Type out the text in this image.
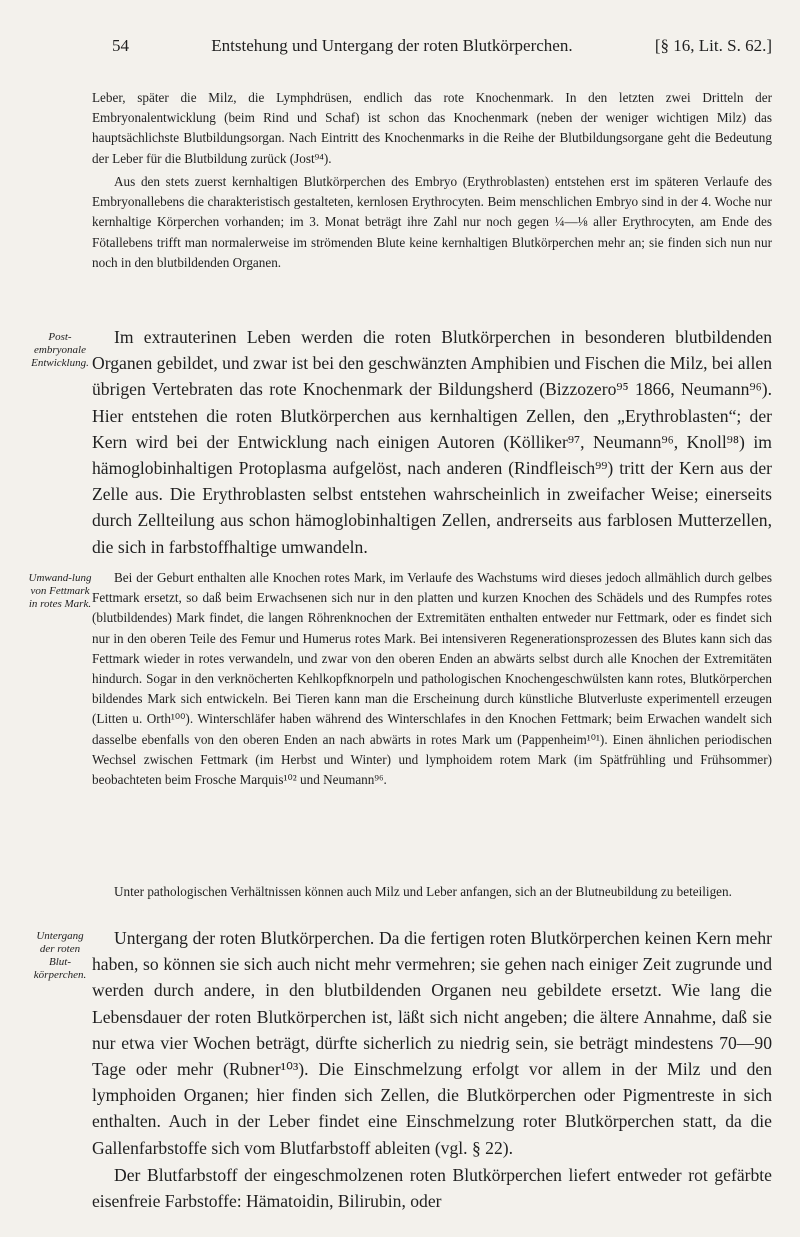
54	Entstehung und Untergang der roten Blutkörperchen.	[§ 16, Lit. S. 62.]

Leber, später die Milz, die Lymphdrüsen, endlich das rote Knochenmark. In den letzten zwei Dritteln der Embryonalentwicklung (beim Rind und Schaf) ist schon das Knochenmark (neben der weniger wichtigen Milz) das hauptsächlichste Blutbildungsorgan. Nach Eintritt des Knochenmarks in die Reihe der Blutbildungsorgane geht die Bedeutung der Leber für die Blutbildung zurück (Jost⁹⁴).

Aus den stets zuerst kernhaltigen Blutkörperchen des Embryo (Erythroblasten) entstehen erst im späteren Verlaufe des Embryonallebens die charakteristisch gestalteten, kernlosen Erythrocyten. Beim menschlichen Embryo sind in der 4. Woche nur kernhaltige Körperchen vorhanden; im 3. Monat beträgt ihre Zahl nur noch gegen ¼—⅛ aller Erythrocyten, am Ende des Fötallebens trifft man normalerweise im strömenden Blute keine kernhaltigen Blutkörperchen mehr an; sie finden sich nun nur noch in den blutbildenden Organen.

Post-embryonale Entwicklung.

Im extrauterinen Leben werden die roten Blutkörperchen in besonderen blutbildenden Organen gebildet, und zwar ist bei den geschwänzten Amphibien und Fischen die Milz, bei allen übrigen Vertebraten das rote Knochenmark der Bildungsherd (Bizzozero⁹⁵ 1866, Neumann⁹⁶). Hier entstehen die roten Blutkörperchen aus kernhaltigen Zellen, den „Erythroblasten“; der Kern wird bei der Entwicklung nach einigen Autoren (Kölliker⁹⁷, Neumann⁹⁶, Knoll⁹⁸) im hämoglobinhaltigen Protoplasma aufgelöst, nach anderen (Rindfleisch⁹⁹) tritt der Kern aus der Zelle aus. Die Erythroblasten selbst entstehen wahrscheinlich in zweifacher Weise; einerseits durch Zellteilung aus schon hämoglobinhaltigen Zellen, andrerseits aus farblosen Mutterzellen, die sich in farbstoffhaltige umwandeln.

Umwand-lung von Fettmark in rotes Mark.

Bei der Geburt enthalten alle Knochen rotes Mark, im Verlaufe des Wachstums wird dieses jedoch allmählich durch gelbes Fettmark ersetzt, so daß beim Erwachsenen sich nur in den platten und kurzen Knochen des Schädels und des Rumpfes rotes (blutbildendes) Mark findet, die langen Röhrenknochen der Extremitäten enthalten entweder nur Fettmark, oder es findet sich nur in den oberen Teile des Femur und Humerus rotes Mark. Bei intensiveren Regenerationsprozessen des Blutes kann sich das Fettmark wieder in rotes verwandeln, und zwar von den oberen Enden an abwärts selbst durch alle Knochen der Extremitäten hindurch. Sogar in den verknöcherten Kehlkopfknorpeln und pathologischen Knochengeschwülsten kann rotes, Blutkörperchen bildendes Mark sich entwickeln. Bei Tieren kann man die Erscheinung durch künstliche Blutverluste experimentell erzeugen (Litten u. Orth¹⁰⁰). Winterschläfer haben während des Winterschlafes in den Knochen Fettmark; beim Erwachen wandelt sich dasselbe ebenfalls von den oberen Enden an nach abwärts in rotes Mark um (Pappenheim¹⁰¹). Einen ähnlichen periodischen Wechsel zwischen Fettmark (im Herbst und Winter) und lymphoidem rotem Mark (im Spätfrühling und Frühsommer) beobachteten beim Frosche Marquis¹⁰² und Neumann⁹⁶.

Unter pathologischen Verhältnissen können auch Milz und Leber anfangen, sich an der Blutneubildung zu beteiligen.

Untergang der roten Blut-körperchen.

Untergang der roten Blutkörperchen. Da die fertigen roten Blutkörperchen keinen Kern mehr haben, so können sie sich auch nicht mehr vermehren; sie gehen nach einiger Zeit zugrunde und werden durch andere, in den blutbildenden Organen neu gebildete ersetzt. Wie lang die Lebensdauer der roten Blutkörperchen ist, läßt sich nicht angeben; die ältere Annahme, daß sie nur etwa vier Wochen beträgt, dürfte sicherlich zu niedrig sein, sie beträgt mindestens 70—90 Tage oder mehr (Rubner¹⁰³). Die Einschmelzung erfolgt vor allem in der Milz und den lymphoiden Organen; hier finden sich Zellen, die Blutkörperchen oder Pigmentreste in sich enthalten. Auch in der Leber findet eine Einschmelzung roter Blutkörperchen statt, da die Gallenfarbstoffe sich vom Blutfarbstoff ableiten (vgl. § 22).

Der Blutfarbstoff der eingeschmolzenen roten Blutkörperchen liefert entweder rot gefärbte eisenfreie Farbstoffe: Hämatoidin, Bilirubin, oder
